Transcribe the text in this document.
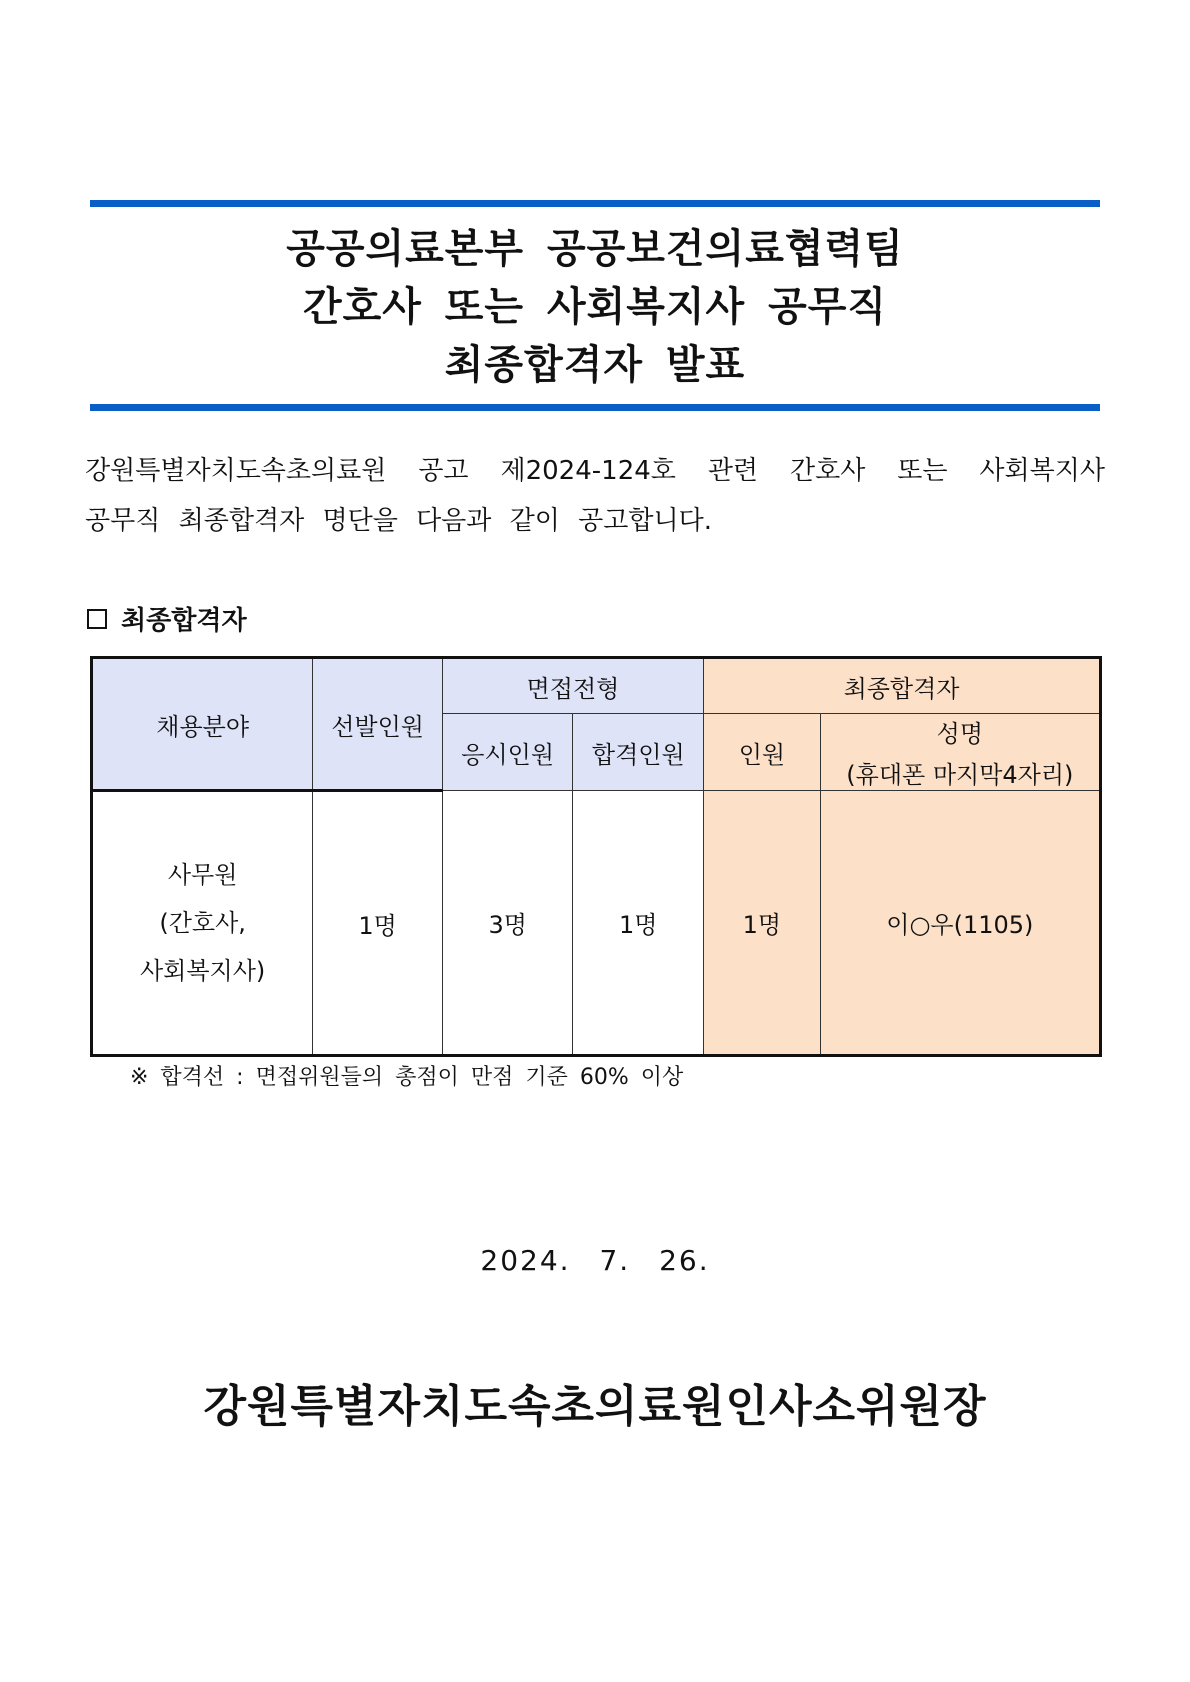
공공의료본부 공공보건의료협력팀
간호사 또는 사회복지사 공무직
최종합격자 발표
강원특별자치도속초의료원 공고 제2024-124호 관련 간호사 또는 사회복지사
공무직 최종합격자 명단을 다음과 같이 공고합니다.
최종합격자
채용분야	선발인원	면접전형		최종합격자	
		응시인원	합격인원	인원	성명
(휴대폰 마지막4자리)

사무원
(간호사,
사회복지사)	1명	3명	1명	1명	이○우(1105)
※ 합격선 : 면접위원들의 총점이 만점 기준 60% 이상
2024. 7. 26.
강원특별자치도속초의료원인사소위원장
